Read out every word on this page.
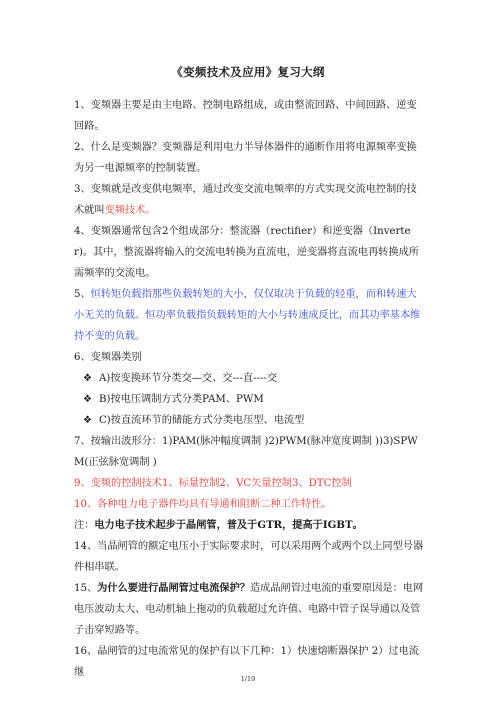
《变频技术及应用》复习大纲

1、变频器主要是由主电路、控制电路组成，或由整流回路、中间回路、逆变回路。

2、什么是变频器？变频器是利用电力半导体器件的通断作用将电源频率变换为另一电源频率的控制装置。

3、变频就是改变供电频率，通过改变交流电频率的方式实现交流电控制的技术就叫变频技术。

4、变频器通常包含2个组成部分：整流器（rectifier）和逆变器（Inverter)。其中，整流器将输入的交流电转换为直流电，逆变器将直流电再转换成所需频率的交流电。

5、恒转矩负载指那些负载转矩的大小，仅仅取决于负载的轻重，而和转速大小无关的负载。恒功率负载指负载转矩的大小与转速成反比，而其功率基本维持不变的负载。

6、变频器类别

❖ A)按变换环节分类交—交、交---直----交

❖ B)按电压调制方式分类PAM、PWM

❖ C)按直流环节的储能方式分类电压型、电流型

7、按输出波形分：1)PAM(脉冲幅度调制 )2)PWM(脉冲宽度调制 ))3)SPWM(正弦脉宽调制 )

9、变频的控制技术1、标量控制2、VC矢量控制3、DTC控制

10、各种电力电子器件均具有导通和阻断二种工作特性。

注：电力电子技术起步于晶闸管，普及于GTR，提高于IGBT。

14、当晶闸管的额定电压小于实际要求时，可以采用两个或两个以上同型号器件相串联。

15、为什么要进行晶闸管过电流保护？造成晶闸管过电流的重要原因是：电网电压波动太大、电动机轴上拖动的负载超过允许值、电路中管子误导通以及管子击穿短路等。

16、晶闸管的过电流常见的保护有以下几种：1）快速熔断器保护 2）过电流继

1/19
